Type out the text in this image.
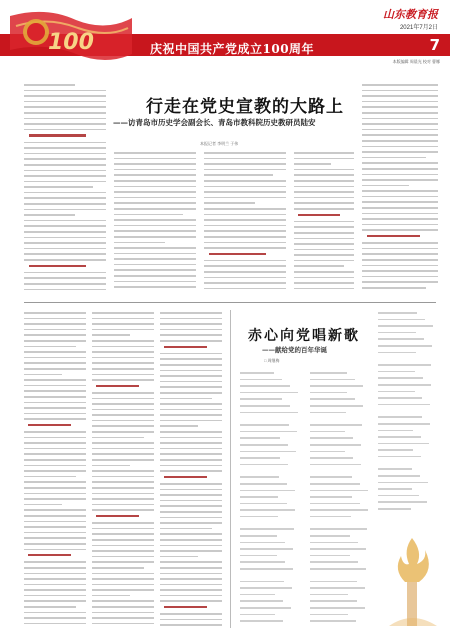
100	庆祝中国共产党成立100周年	7
山东教育报
2021年7月2日
本版编辑 周晨光 校对 曹娜
行走在党史宣教的大路上
——访青岛市历史学会副会长、青岛市教科院历史教研员陆安
本报记者 李明兰 于伟
赤心向党唱新歌
——献给党的百年华诞
□ 周继梅
